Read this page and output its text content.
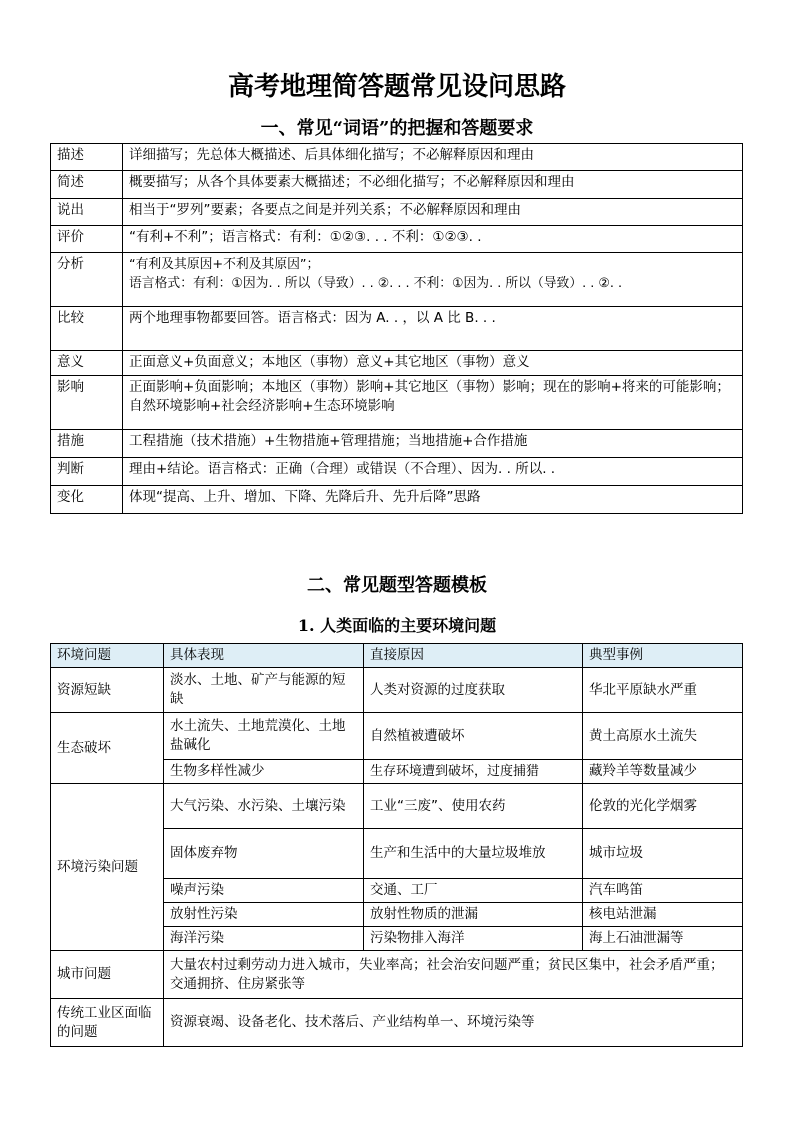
高考地理简答题常见设问思路
一、常见“词语”的把握和答题要求
描述	详细描写；先总体大概描述、后具体细化描写；不必解释原因和理由
简述	概要描写；从各个具体要素大概描述；不必细化描写；不必解释原因和理由
说出	相当于“罗列”要素；各要点之间是并列关系；不必解释原因和理由
评价	“有利+不利”；语言格式：有利：①②③. . . 不利：①②③. .
分析	“有利及其原因+不利及其原因”；
语言格式：有利：①因为. . 所以（导致）. . ②. . . 不利：①因为. . 所以（导致）. . ②. .
比较	两个地理事物都要回答。语言格式：因为 A. . ，以 A 比 B. . .
意义	正面意义+负面意义；本地区（事物）意义+其它地区（事物）意义
影响	正面影响+负面影响；本地区（事物）影响+其它地区（事物）影响；现在的影响+将来的可能影响；自然环境影响+社会经济影响+生态环境影响
措施	工程措施（技术措施）+生物措施+管理措施；当地措施+合作措施
判断	理由+结论。语言格式：正确（合理）或错误（不合理）、因为. . 所以. .
变化	体现“提高、上升、增加、下降、先降后升、先升后降”思路
二、常见题型答题模板
1. 人类面临的主要环境问题
环境问题	具体表现	直接原因	典型事例
资源短缺	淡水、土地、矿产与能源的短缺	人类对资源的过度获取	华北平原缺水严重
生态破坏	水土流失、土地荒漠化、土地盐碱化	自然植被遭破坏	黄土高原水土流失
	生物多样性减少	生存环境遭到破坏，过度捕猎	藏羚羊等数量减少
环境污染问题	大气污染、水污染、土壤污染	工业“三废”、使用农药	伦敦的光化学烟雾
	固体废弃物	生产和生活中的大量垃圾堆放	城市垃圾
	噪声污染	交通、工厂	汽车鸣笛
	放射性污染	放射性物质的泄漏	核电站泄漏
	海洋污染	污染物排入海洋	海上石油泄漏等
城市问题	大量农村过剩劳动力进入城市，失业率高；社会治安问题严重；贫民区集中，社会矛盾严重；交通拥挤、住房紧张等		
传统工业区面临的问题	资源衰竭、设备老化、技术落后、产业结构单一、环境污染等		
